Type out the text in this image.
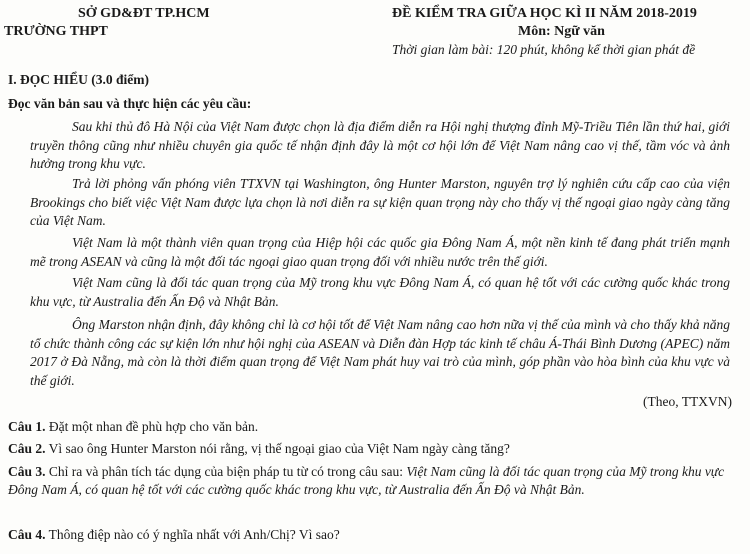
SỞ GD&ĐT TP.HCM
TRƯỜNG THPT
ĐỀ KIỂM TRA GIỮA HỌC KÌ II NĂM 2018-2019
Môn: Ngữ văn
Thời gian làm bài: 120 phút, không kể thời gian phát đề
I. ĐỌC HIỂU (3.0 điểm)
Đọc văn bản sau và thực hiện các yêu cầu:

Sau khi thủ đô Hà Nội của Việt Nam được chọn là địa điểm diễn ra Hội nghị thượng đỉnh Mỹ-Triều Tiên lần thứ hai, giới truyền thông cũng như nhiều chuyên gia quốc tế nhận định đây là một cơ hội lớn để Việt Nam nâng cao vị thế, tầm vóc và ảnh hưởng trong khu vực.

Trả lời phỏng vấn phóng viên TTXVN tại Washington, ông Hunter Marston, nguyên trợ lý nghiên cứu cấp cao của viện Brookings cho biết việc Việt Nam được lựa chọn là nơi diễn ra sự kiện quan trọng này cho thấy vị thế ngoại giao ngày càng tăng của Việt Nam.

Việt Nam là một thành viên quan trọng của Hiệp hội các quốc gia Đông Nam Á, một nền kinh tế đang phát triển mạnh mẽ trong ASEAN và cũng là một đối tác ngoại giao quan trọng đối với nhiều nước trên thế giới.

Việt Nam cũng là đối tác quan trọng của Mỹ trong khu vực Đông Nam Á, có quan hệ tốt với các cường quốc khác trong khu vực, từ Australia đến Ấn Độ và Nhật Bản.

Ông Marston nhận định, đây không chỉ là cơ hội tốt để Việt Nam nâng cao hơn nữa vị thế của mình và cho thấy khả năng tổ chức thành công các sự kiện lớn như hội nghị của ASEAN và Diễn đàn Hợp tác kinh tế châu Á-Thái Bình Dương (APEC) năm 2017 ở Đà Nẵng, mà còn là thời điểm quan trọng để Việt Nam phát huy vai trò của mình, góp phần vào hòa bình của khu vực và thế giới.

(Theo, TTXVN)

Câu 1. Đặt một nhan đề phù hợp cho văn bản.

Câu 2. Vì sao ông Hunter Marston nói rằng, vị thế ngoại giao của Việt Nam ngày càng tăng?

Câu 3. Chỉ ra và phân tích tác dụng của biện pháp tu từ có trong câu sau: Việt Nam cũng là đối tác quan trọng của Mỹ trong khu vực Đông Nam Á, có quan hệ tốt với các cường quốc khác trong khu vực, từ Australia đến Ấn Độ và Nhật Bản.

Câu 4. Thông điệp nào có ý nghĩa nhất với Anh/Chị? Vì sao?
